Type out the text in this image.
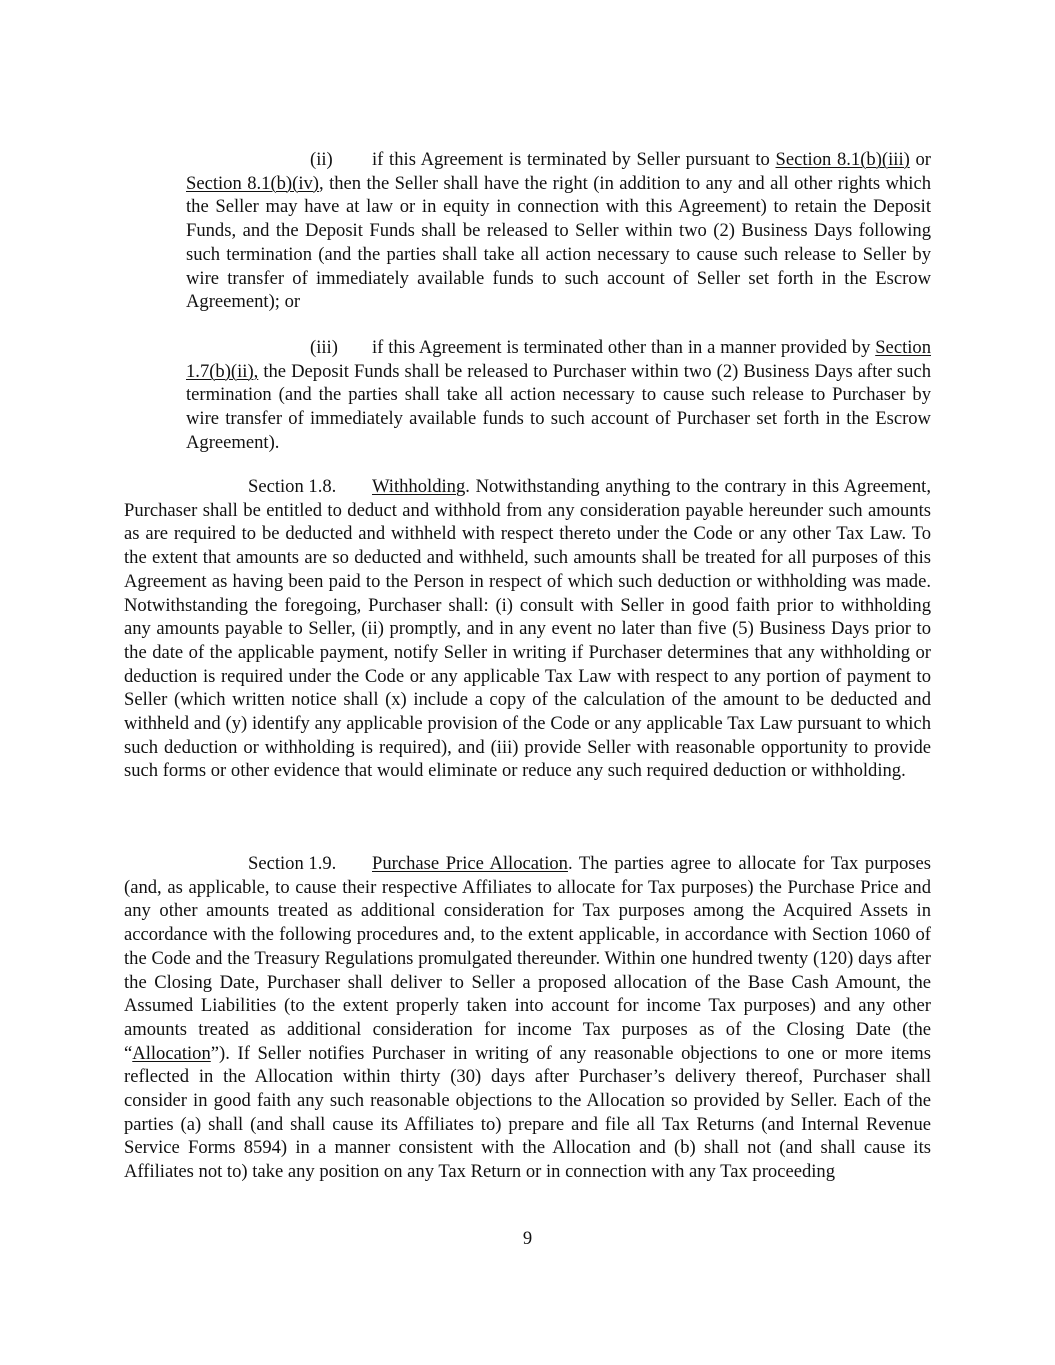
(ii) if this Agreement is terminated by Seller pursuant to Section 8.1(b)(iii) or Section 8.1(b)(iv), then the Seller shall have the right (in addition to any and all other rights which the Seller may have at law or in equity in connection with this Agreement) to retain the Deposit Funds, and the Deposit Funds shall be released to Seller within two (2) Business Days following such termination (and the parties shall take all action necessary to cause such release to Seller by wire transfer of immediately available funds to such account of Seller set forth in the Escrow Agreement); or

(iii) if this Agreement is terminated other than in a manner provided by Section 1.7(b)(ii), the Deposit Funds shall be released to Purchaser within two (2) Business Days after such termination (and the parties shall take all action necessary to cause such release to Purchaser by wire transfer of immediately available funds to such account of Purchaser set forth in the Escrow Agreement).

Section 1.8. Withholding. Notwithstanding anything to the contrary in this Agreement, Purchaser shall be entitled to deduct and withhold from any consideration payable hereunder such amounts as are required to be deducted and withheld with respect thereto under the Code or any other Tax Law. To the extent that amounts are so deducted and withheld, such amounts shall be treated for all purposes of this Agreement as having been paid to the Person in respect of which such deduction or withholding was made. Notwithstanding the foregoing, Purchaser shall: (i) consult with Seller in good faith prior to withholding any amounts payable to Seller, (ii) promptly, and in any event no later than five (5) Business Days prior to the date of the applicable payment, notify Seller in writing if Purchaser determines that any withholding or deduction is required under the Code or any applicable Tax Law with respect to any portion of payment to Seller (which written notice shall (x) include a copy of the calculation of the amount to be deducted and withheld and (y) identify any applicable provision of the Code or any applicable Tax Law pursuant to which such deduction or withholding is required), and (iii) provide Seller with reasonable opportunity to provide such forms or other evidence that would eliminate or reduce any such required deduction or withholding.

Section 1.9. Purchase Price Allocation. The parties agree to allocate for Tax purposes (and, as applicable, to cause their respective Affiliates to allocate for Tax purposes) the Purchase Price and any other amounts treated as additional consideration for Tax purposes among the Acquired Assets in accordance with the following procedures and, to the extent applicable, in accordance with Section 1060 of the Code and the Treasury Regulations promulgated thereunder. Within one hundred twenty (120) days after the Closing Date, Purchaser shall deliver to Seller a proposed allocation of the Base Cash Amount, the Assumed Liabilities (to the extent properly taken into account for income Tax purposes) and any other amounts treated as additional consideration for income Tax purposes as of the Closing Date (the “Allocation”). If Seller notifies Purchaser in writing of any reasonable objections to one or more items reflected in the Allocation within thirty (30) days after Purchaser’s delivery thereof, Purchaser shall consider in good faith any such reasonable objections to the Allocation so provided by Seller. Each of the parties (a) shall (and shall cause its Affiliates to) prepare and file all Tax Returns (and Internal Revenue Service Forms 8594) in a manner consistent with the Allocation and (b) shall not (and shall cause its Affiliates not to) take any position on any Tax Return or in connection with any Tax proceeding

9
